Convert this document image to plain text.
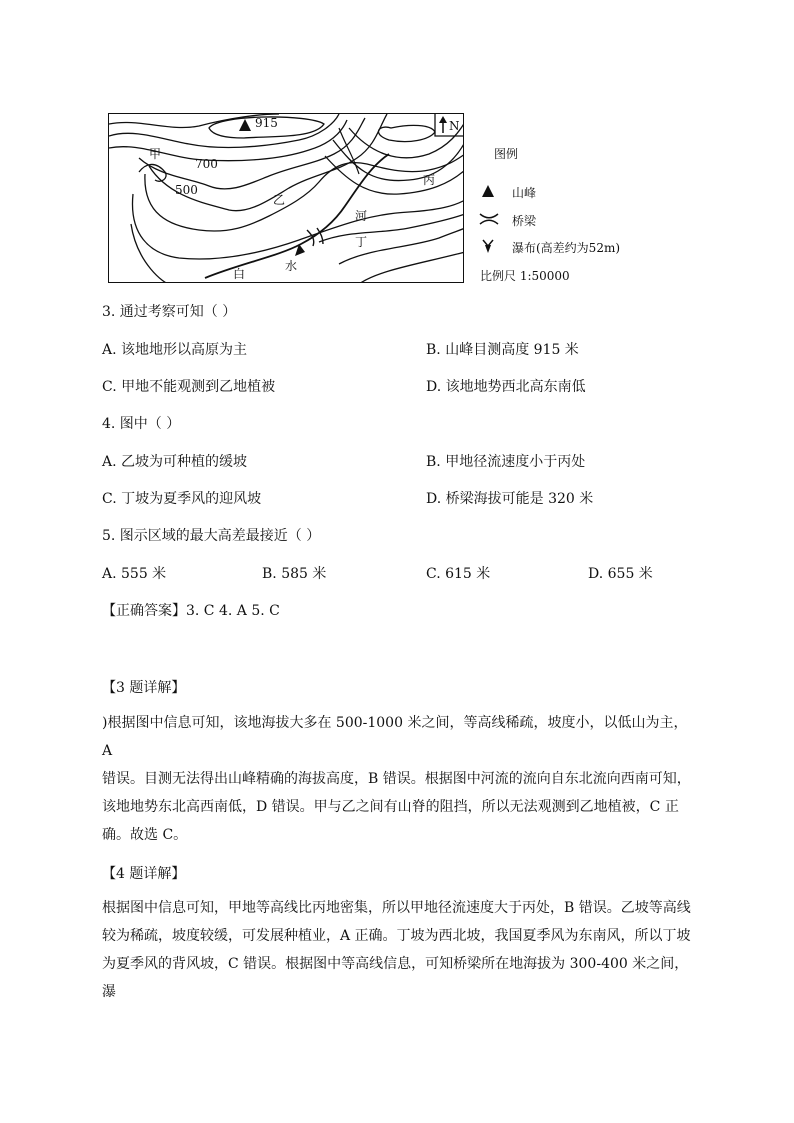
915	N
甲
700
500
乙
丙
河
丁
白
水
图例
山峰
桥梁
瀑布(高差约为52m)
比例尺 1:50000
3. 通过考察可知（ ）
A. 该地地形以高原为主	B. 山峰目测高度 915 米
C. 甲地不能观测到乙地植被	D. 该地地势西北高东南低
4. 图中（ ）
A. 乙坡为可种植的缓坡	B. 甲地径流速度小于丙处
C. 丁坡为夏季风的迎风坡	D. 桥梁海拔可能是 320 米
5. 图示区域的最大高差最接近（ ）
A. 555 米	B. 585 米	C. 615 米	D. 655 米
【正确答案】3. C 4. A 5. C
【3 题详解】
)根据图中信息可知，该地海拔大多在 500-1000 米之间，等高线稀疏，坡度小，以低山为主，A
错误。目测无法得出山峰精确的海拔高度，B 错误。根据图中河流的流向自东北流向西南可知，
该地地势东北高西南低，D 错误。甲与乙之间有山脊的阻挡，所以无法观测到乙地植被，C 正
确。故选 C。
【4 题详解】
根据图中信息可知，甲地等高线比丙地密集，所以甲地径流速度大于丙处，B 错误。乙坡等高线
较为稀疏，坡度较缓，可发展种植业，A 正确。丁坡为西北坡，我国夏季风为东南风，所以丁坡
为夏季风的背风坡，C 错误。根据图中等高线信息，可知桥梁所在地海拔为 300-400 米之间，瀑
